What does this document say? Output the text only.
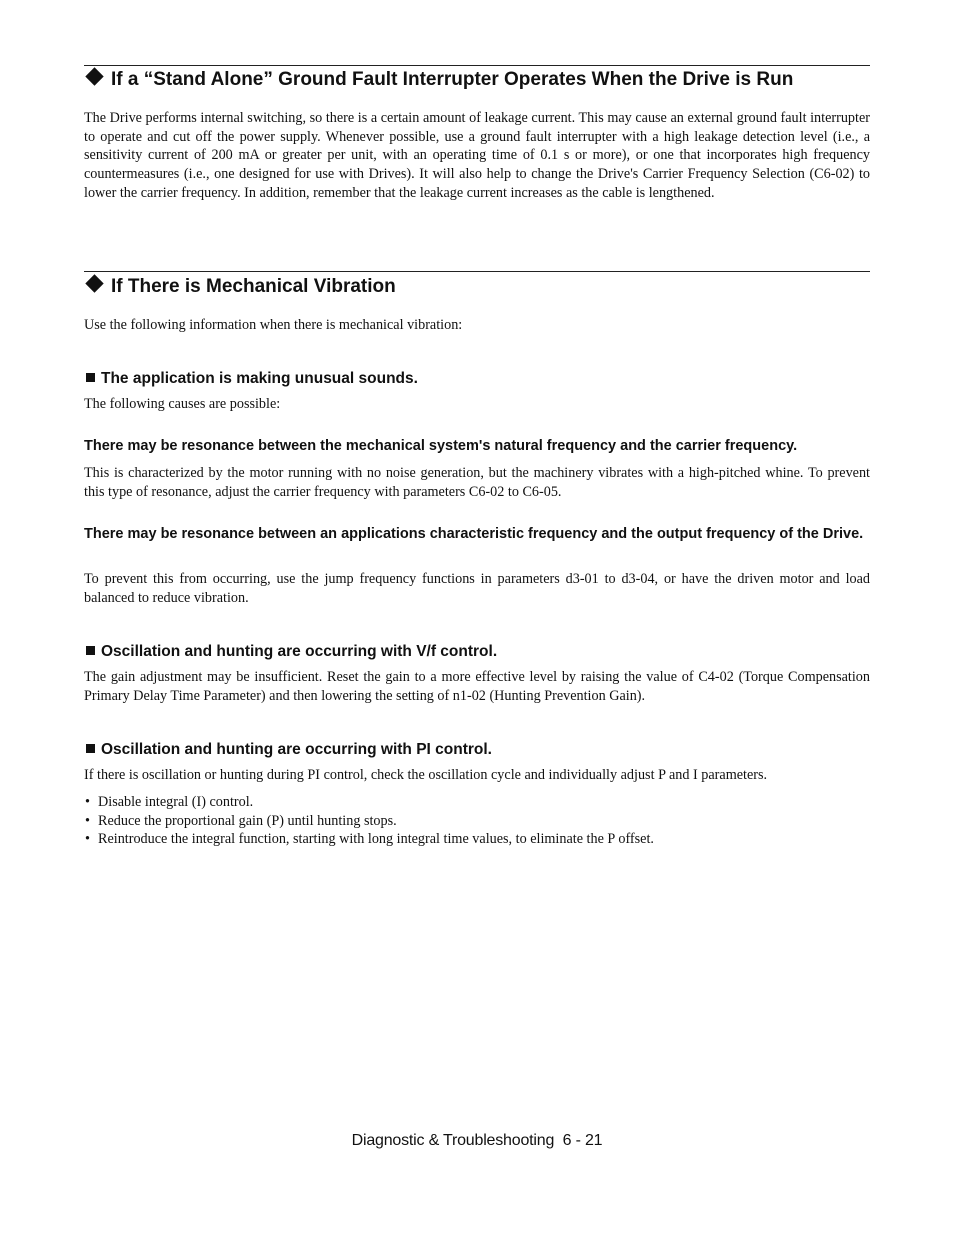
If a “Stand Alone” Ground Fault Interrupter Operates When the Drive is Run
The Drive performs internal switching, so there is a certain amount of leakage current. This may cause an external ground fault interrupter to operate and cut off the power supply. Whenever possible, use a ground fault interrupter with a high leakage detection level (i.e., a sensitivity current of 200 mA or greater per unit, with an operating time of 0.1 s or more), or one that incorporates high frequency countermeasures (i.e., one designed for use with Drives). It will also help to change the Drive's Carrier Frequency Selection (C6-02) to lower the carrier frequency. In addition, remember that the leakage current increases as the cable is lengthened.
If There is Mechanical Vibration
Use the following information when there is mechanical vibration:
The application is making unusual sounds.
The following causes are possible:
There may be resonance between the mechanical system's natural frequency and the carrier frequency.
This is characterized by the motor running with no noise generation, but the machinery vibrates with a high-pitched whine. To prevent this type of resonance, adjust the carrier frequency with parameters C6-02 to C6-05.
There may be resonance between an applications characteristic frequency and the output frequency of the Drive.
To prevent this from occurring, use the jump frequency functions in parameters d3-01 to d3-04, or have the driven motor and load balanced to reduce vibration.
Oscillation and hunting are occurring with V/f control.
The gain adjustment may be insufficient. Reset the gain to a more effective level by raising the value of C4-02 (Torque Compensation Primary Delay Time Parameter) and then lowering the setting of n1-02 (Hunting Prevention Gain).
Oscillation and hunting are occurring with PI control.
If there is oscillation or hunting during PI control, check the oscillation cycle and individually adjust P and I parameters.
• Disable integral (I) control.
• Reduce the proportional gain (P) until hunting stops.
• Reintroduce the integral function, starting with long integral time values, to eliminate the P offset.
Diagnostic & Troubleshooting  6 - 21
